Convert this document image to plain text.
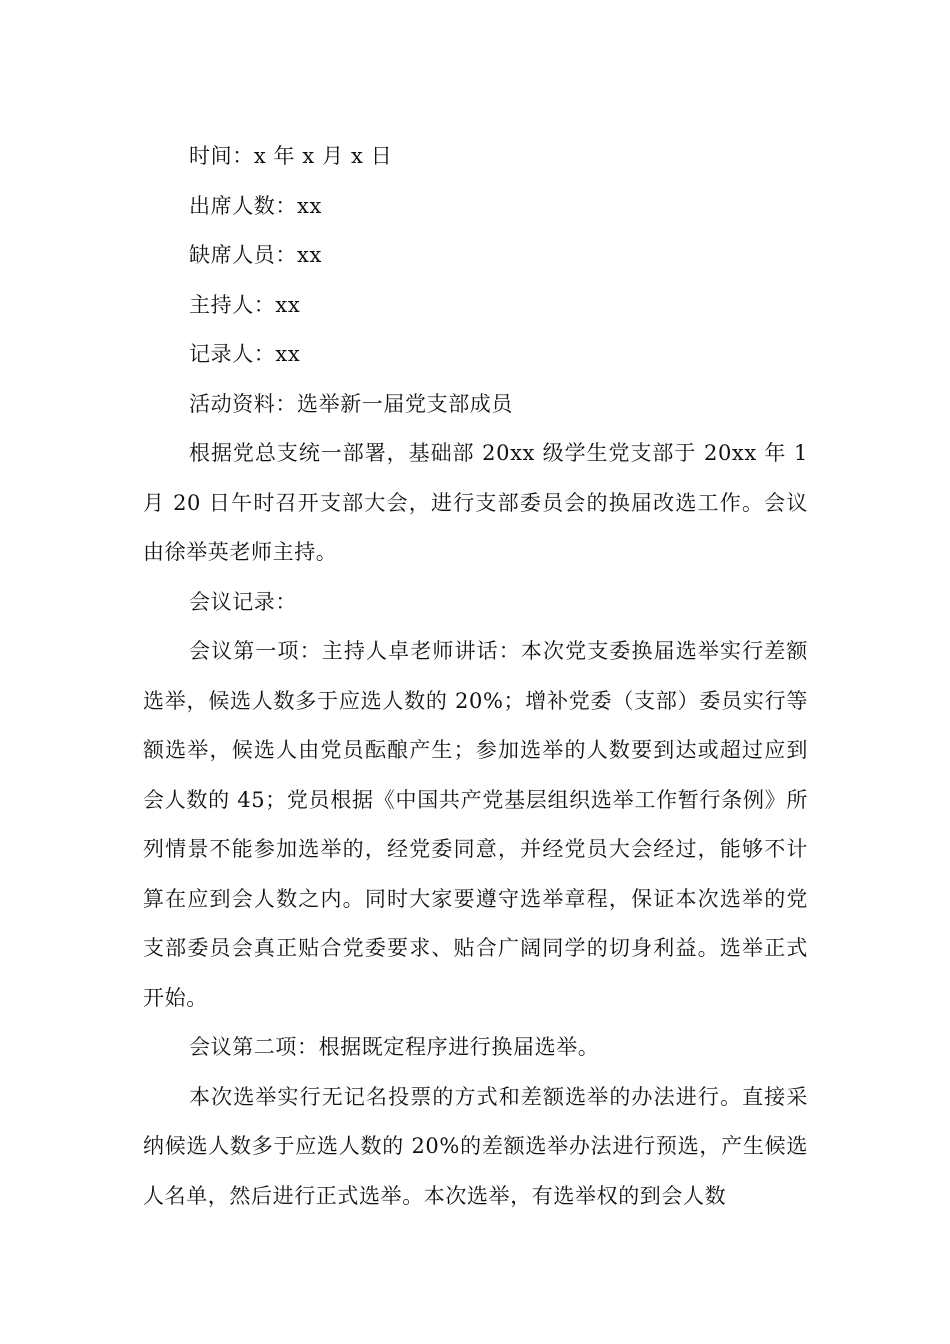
时间：x 年 x 月 x 日

出席人数：xx

缺席人员：xx

主持人：xx

记录人：xx

活动资料：选举新一届党支部成员

根据党总支统一部署，基础部 20xx 级学生党支部于 20xx 年 1 月 20 日午时召开支部大会，进行支部委员会的换届改选工作。会议由徐举英老师主持。

会议记录：

会议第一项：主持人卓老师讲话：本次党支委换届选举实行差额选举，候选人数多于应选人数的 20%；增补党委（支部）委员实行等额选举，候选人由党员酝酿产生；参加选举的人数要到达或超过应到会人数的 45；党员根据《中国共产党基层组织选举工作暂行条例》所列情景不能参加选举的，经党委同意，并经党员大会经过，能够不计算在应到会人数之内。同时大家要遵守选举章程，保证本次选举的党支部委员会真正贴合党委要求、贴合广阔同学的切身利益。选举正式开始。

会议第二项：根据既定程序进行换届选举。

本次选举实行无记名投票的方式和差额选举的办法进行。直接采纳候选人数多于应选人数的 20%的差额选举办法进行预选，产生候选人名单，然后进行正式选举。本次选举，有选举权的到会人数
